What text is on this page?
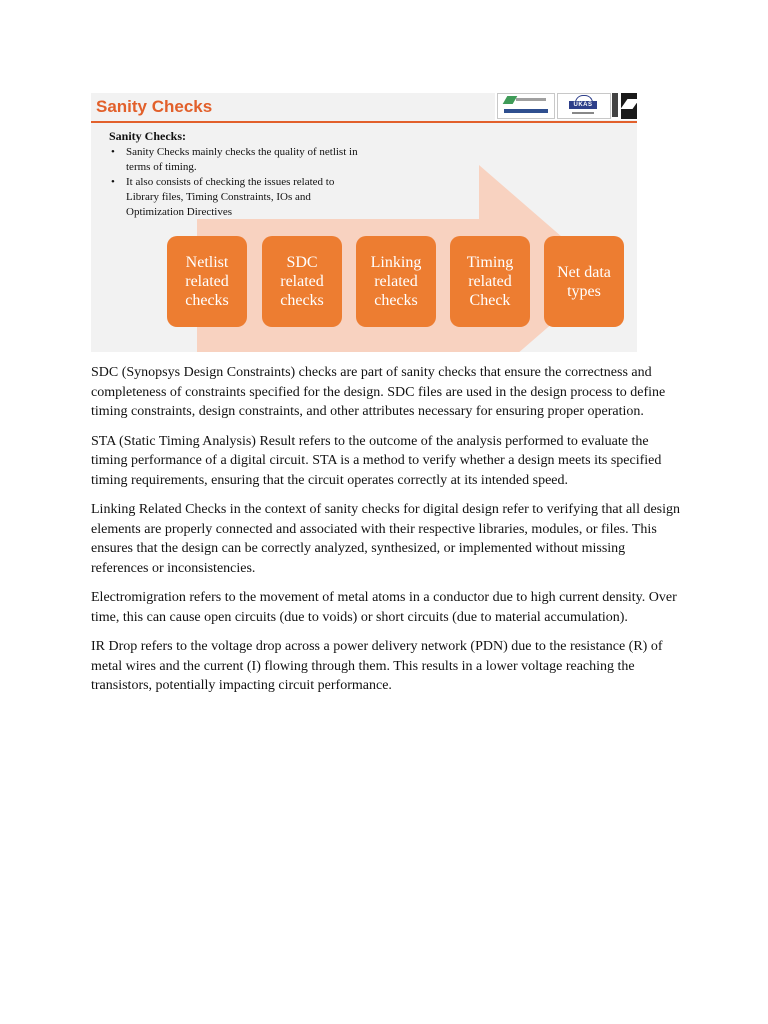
Sanity Checks	UKAS

Sanity Checks:

• Sanity Checks mainly checks the quality of netlist in terms of timing.
• It also consists of checking the issues related to Library files, Timing Constraints, IOs and Optimization Directives
Netlist
related
checks
SDC
related
checks
Linking
related
checks
Timing
related
Check
Net data
types

SDC (Synopsys Design Constraints) checks are part of sanity checks that ensure the correctness and completeness of constraints specified for the design. SDC files are used in the design process to define timing constraints, design constraints, and other attributes necessary for ensuring proper operation.

STA (Static Timing Analysis) Result refers to the outcome of the analysis performed to evaluate the timing performance of a digital circuit. STA is a method to verify whether a design meets its specified timing requirements, ensuring that the circuit operates correctly at its intended speed.

Linking Related Checks in the context of sanity checks for digital design refer to verifying that all design elements are properly connected and associated with their respective libraries, modules, or files. This ensures that the design can be correctly analyzed, synthesized, or implemented without missing references or inconsistencies.

Electromigration refers to the movement of metal atoms in a conductor due to high current density. Over time, this can cause open circuits (due to voids) or short circuits (due to material accumulation).

IR Drop refers to the voltage drop across a power delivery network (PDN) due to the resistance (R) of metal wires and the current (I) flowing through them. This results in a lower voltage reaching the transistors, potentially impacting circuit performance.
